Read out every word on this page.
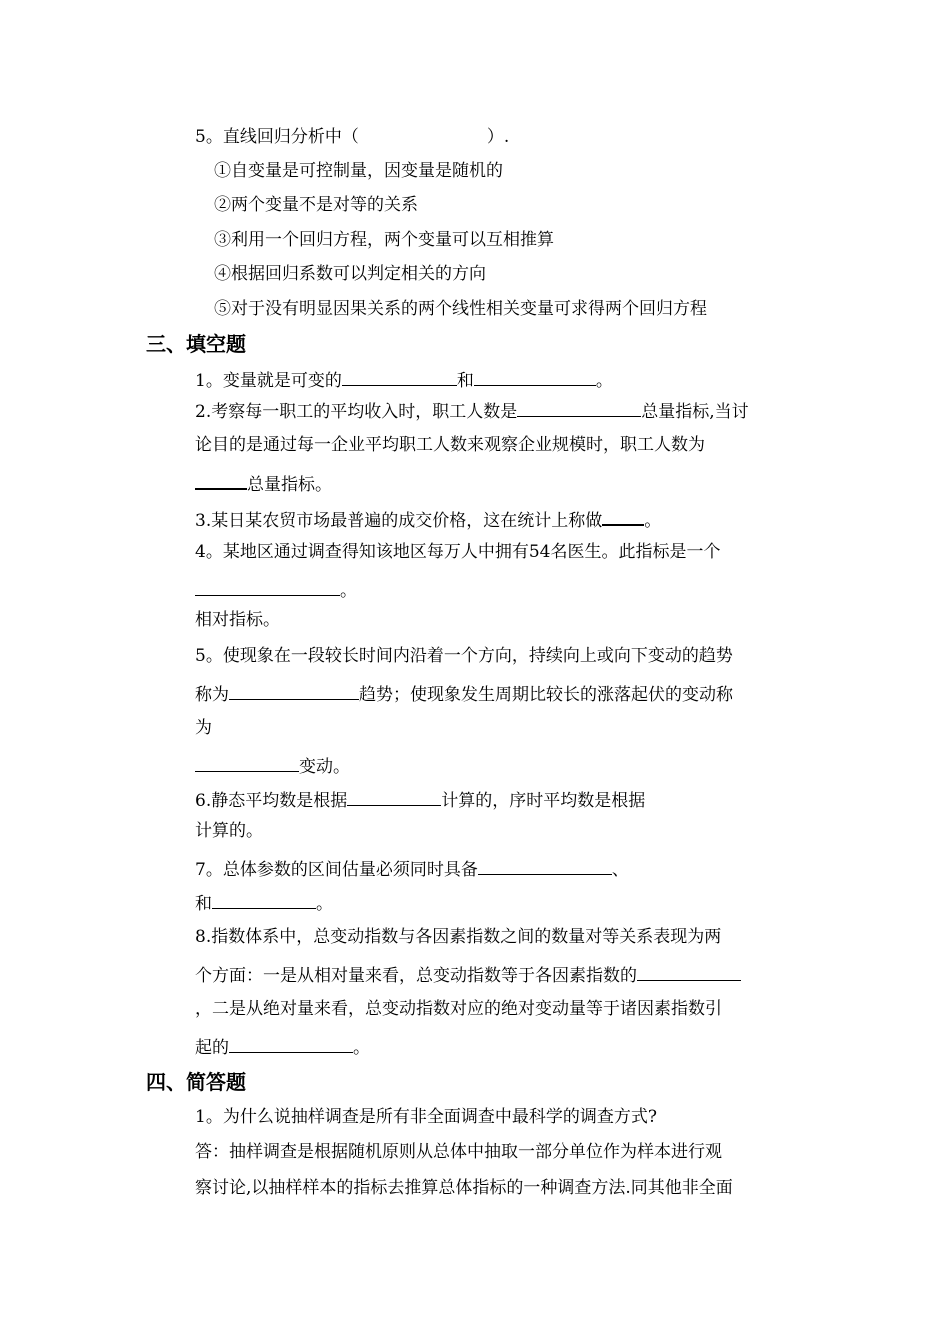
5。直线回归分析中（	）.
①自变量是可控制量，因变量是随机的
②两个变量不是对等的关系
③利用一个回归方程，两个变量可以互相推算
④根据回归系数可以判定相关的方向
⑤对于没有明显因果关系的两个线性相关变量可求得两个回归方程
三、填空题
1。变量就是可变的	和	。
2.考察每一职工的平均收入时，职工人数是	总量指标,当讨
论目的是通过每一企业平均职工人数来观察企业规模时，职工人数为
总量指标。
3.某日某农贸市场最普遍的成交价格，这在统计上称做 。
4。某地区通过调查得知该地区每万人中拥有54名医生。此指标是一个
。
相对指标。
5。使现象在一段较长时间内沿着一个方向，持续向上或向下变动的趋势
称为	趋势；使现象发生周期比较长的涨落起伏的变动称
为
变动。
6.静态平均数是根据	计算的，序时平均数是根据
计算的。
7。总体参数的区间估量必须同时具备	、
和	。
8.指数体系中，总变动指数与各因素指数之间的数量对等关系表现为两
个方面：一是从相对量来看，总变动指数等于各因素指数的
，二是从绝对量来看，总变动指数对应的绝对变动量等于诸因素指数引
起的	。
四、简答题
1。为什么说抽样调查是所有非全面调查中最科学的调查方式?
答：抽样调查是根据随机原则从总体中抽取一部分单位作为样本进行观
察讨论,以抽样样本的指标去推算总体指标的一种调查方法.同其他非全面
